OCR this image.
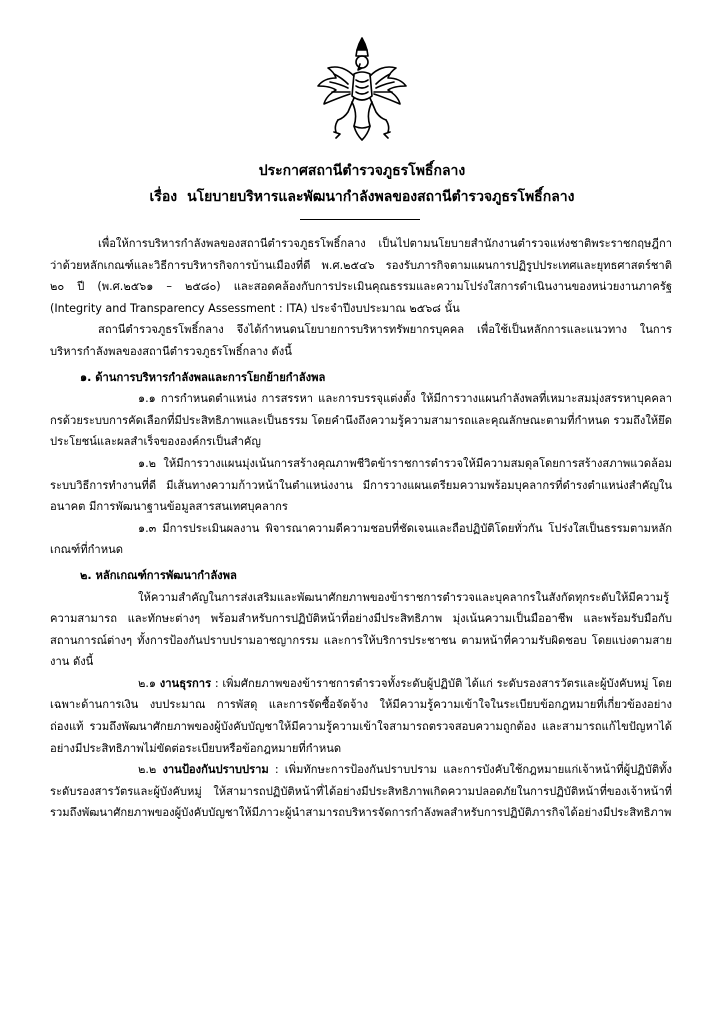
ประกาศสถานีตำรวจภูธรโพธิ์กลาง
เรื่อง นโยบายบริหารและพัฒนากำลังพลของสถานีตำรวจภูธรโพธิ์กลาง

เพื่อให้การบริหารกำลังพลของสถานีตำรวจภูธรโพธิ์กลาง เป็นไปตามนโยบายสำนักงานตำรวจแห่งชาติพระราชกฤษฎีกาว่าด้วยหลักเกณฑ์และวิธีการบริหารกิจการบ้านเมืองที่ดี พ.ศ.๒๕๔๖ รองรับภารกิจตามแผนการปฏิรูปประเทศและยุทธศาสตร์ชาติ ๒๐ ปี (พ.ศ.๒๕๖๑ – ๒๕๘๐) และสอดคล้องกับการประเมินคุณธรรมและความโปร่งใสการดำเนินงานของหน่วยงานภาครัฐ (Integrity and Transparency Assessment : ITA) ประจำปีงบประมาณ ๒๕๖๘ นั้น

สถานีตำรวจภูธรโพธิ์กลาง จึงได้กำหนดนโยบายการบริหารทรัพยากรบุคคล เพื่อใช้เป็นหลักการและแนวทาง ในการบริหารกำลังพลของสถานีตำรวจภูธรโพธิ์กลาง ดังนี้

๑. ด้านการบริหารกำลังพลและการโยกย้ายกำลังพล

๑.๑ การกำหนดตำแหน่ง การสรรหา และการบรรจุแต่งตั้ง ให้มีการวางแผนกำลังพลที่เหมาะสมมุ่งสรรหาบุคคลากรด้วยระบบการคัดเลือกที่มีประสิทธิภาพและเป็นธรรม โดยคำนึงถึงความรู้ความสามารถและคุณลักษณะตามที่กำหนด รวมถึงให้ยึดประโยชน์และผลสำเร็จขององค์กรเป็นสำคัญ

๑.๒ ให้มีการวางแผนมุ่งเน้นการสร้างคุณภาพชีวิตข้าราชการตำรวจให้มีความสมดุลโดยการสร้างสภาพแวดล้อม ระบบวิธีการทำงานที่ดี มีเส้นทางความก้าวหน้าในตำแหน่งงาน มีการวางแผนเตรียมความพร้อมบุคลากรที่ดำรงตำแหน่งสำคัญในอนาคต มีการพัฒนาฐานข้อมูลสารสนเทศบุคลากร

๑.๓ มีการประเมินผลงาน พิจารณาความดีความชอบที่ชัดเจนและถือปฏิบัติโดยทั่วกัน โปร่งใสเป็นธรรมตามหลักเกณฑ์ที่กำหนด

๒. หลักเกณฑ์การพัฒนากำลังพล

ให้ความสำคัญในการส่งเสริมและพัฒนาศักยภาพของข้าราชการตำรวจและบุคลากรในสังกัดทุกระดับให้มีความรู้ ความสามารถ และทักษะต่างๆ พร้อมสำหรับการปฏิบัติหน้าที่อย่างมีประสิทธิภาพ มุ่งเน้นความเป็นมืออาชีพ และพร้อมรับมือกับสถานการณ์ต่างๆ ทั้งการป้องกันปราบปรามอาชญากรรม และการให้บริการประชาชน ตามหน้าที่ความรับผิดชอบ โดยแบ่งตามสายงาน ดังนี้

๒.๑ งานธุรการ : เพิ่มศักยภาพของข้าราชการตำรวจทั้งระดับผู้ปฏิบัติ ได้แก่ ระดับรองสารวัตรและผู้บังคับหมู่ โดยเฉพาะด้านการเงิน งบประมาณ การพัสดุ และการจัดซื้อจัดจ้าง ให้มีความรู้ความเข้าใจในระเบียบข้อกฎหมายที่เกี่ยวข้องอย่างถ่องแท้ รวมถึงพัฒนาศักยภาพของผู้บังคับบัญชาให้มีความรู้ความเข้าใจสามารถตรวจสอบความถูกต้อง และสามารถแก้ไขปัญหาได้อย่างมีประสิทธิภาพไม่ขัดต่อระเบียบหรือข้อกฎหมายที่กำหนด

๒.๒ งานป้องกันปราบปราม : เพิ่มทักษะการป้องกันปราบปราม และการบังคับใช้กฎหมายแก่เจ้าหน้าที่ผู้ปฏิบัติทั้งระดับรองสารวัตรและผู้บังคับหมู่ ให้สามารถปฏิบัติหน้าที่ได้อย่างมีประสิทธิภาพเกิดความปลอดภัยในการปฏิบัติหน้าที่ของเจ้าหน้าที่ รวมถึงพัฒนาศักยภาพของผู้บังคับบัญชาให้มีภาวะผู้นำสามารถบริหารจัดการกำลังพลสำหรับการปฏิบัติภารกิจได้อย่างมีประสิทธิภาพ
